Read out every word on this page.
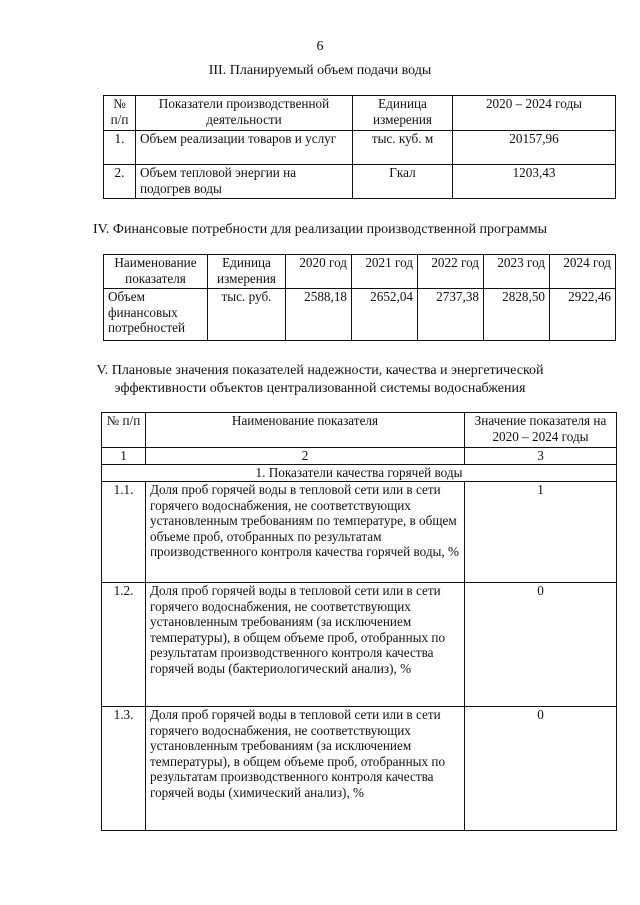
6
III. Планируемый объем подачи воды
№ п/п	Показатели производственной деятельности	Единица измерения	2020 – 2024 годы
1.	Объем реализации товаров и услуг	тыс. куб. м	20157,96
2.	Объем тепловой энергии на подогрев воды	Гкал	1203,43
IV. Финансовые потребности для реализации производственной программы
Наименование показателя	Единица измерения	2020 год	2021 год	2022 год	2023 год	2024 год
Объем финансовых потребностей	тыс. руб.	2588,18	2652,04	2737,38	2828,50	2922,46
V. Плановые значения показателей надежности, качества и энергетической
эффективности объектов централизованной системы водоснабжения
№ п/п	Наименование показателя	Значение показателя на 2020 – 2024 годы
1	2	3
1. Показатели качества горячей воды		
1.1.	Доля проб горячей воды в тепловой сети или в сети горячего водоснабжения, не соответствующих установленным требованиям по температуре, в общем объеме проб, отобранных по результатам производственного контроля качества горячей воды, %	1
1.2.	Доля проб горячей воды в тепловой сети или в сети горячего водоснабжения, не соответствующих установленным требованиям (за исключением температуры), в общем объеме проб, отобранных по результатам производственного контроля качества горячей воды (бактериологический анализ), %	0
1.3.	Доля проб горячей воды в тепловой сети или в сети горячего водоснабжения, не соответствующих установленным требованиям (за исключением температуры), в общем объеме проб, отобранных по результатам производственного контроля качества горячей воды (химический анализ), %	0
